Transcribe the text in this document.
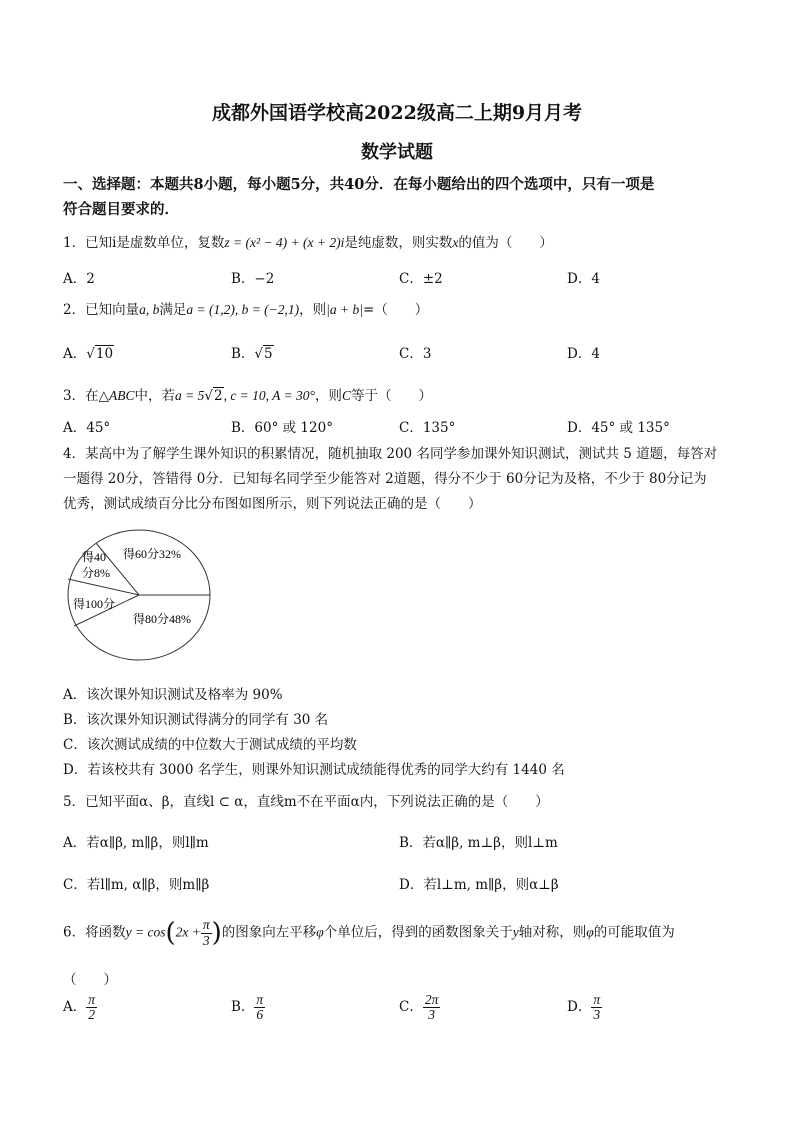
成都外国语学校高2022级高二上期9月月考
数学试题
一、选择题：本题共8小题，每小题5分，共40分．在每小题给出的四个选项中，只有一项是
符合题目要求的．
1．已知i是虚数单位，复数z = (x² − 4) + (x + 2)i是纯虚数，则实数x的值为（　　）
A．2	B．−2	C．±2	D．4
2．已知向量a, b满足a = (1,2), b = (−2,1)，则|a + b|=（　　）
A．√10	B．√5	C．3	D．4
3．在△ABC中，若a = 5√2, c = 10, A = 30°，则C等于（　　）
A．45°	B．60° 或 120°	C．135°	D．45° 或 135°
4．某高中为了解学生课外知识的积累情况，随机抽取 200 名同学参加课外知识测试，测试共 5 道题，每答对
一题得 20分，答错得 0分．已知每名同学至少能答对 2道题，得分不少于 60分记为及格，不少于 80分记为
优秀，测试成绩百分比分布图如图所示，则下列说法正确的是（　　）
得60分32%
得40
分8%
得100分
得80分48%
A．该次课外知识测试及格率为 90%
B．该次课外知识测试得满分的同学有 30 名
C．该次测试成绩的中位数大于测试成绩的平均数
D．若该校共有 3000 名学生，则课外知识测试成绩能得优秀的同学大约有 1440 名
5．已知平面α、β，直线l ⊂ α，直线m不在平面α内，下列说法正确的是（　　）
A．若α∥β, m∥β，则l∥m	B．若α∥β, m⊥β，则l⊥m
C．若l∥m, α∥β，则m∥β	D．若l⊥m, m∥β，则α⊥β
6．将函数$y = \cos(2x + \frac{\pi}{3}$ )的图象向左平移φ个单位后，得到的函数图象关于y轴对称，则φ的可能取值为
（　　）
A． $\frac{\pi}{2}$	B． $\frac{\pi}{6}$	C． $\frac{2\pi}{3}$	D． $\frac{\pi}{3}$
